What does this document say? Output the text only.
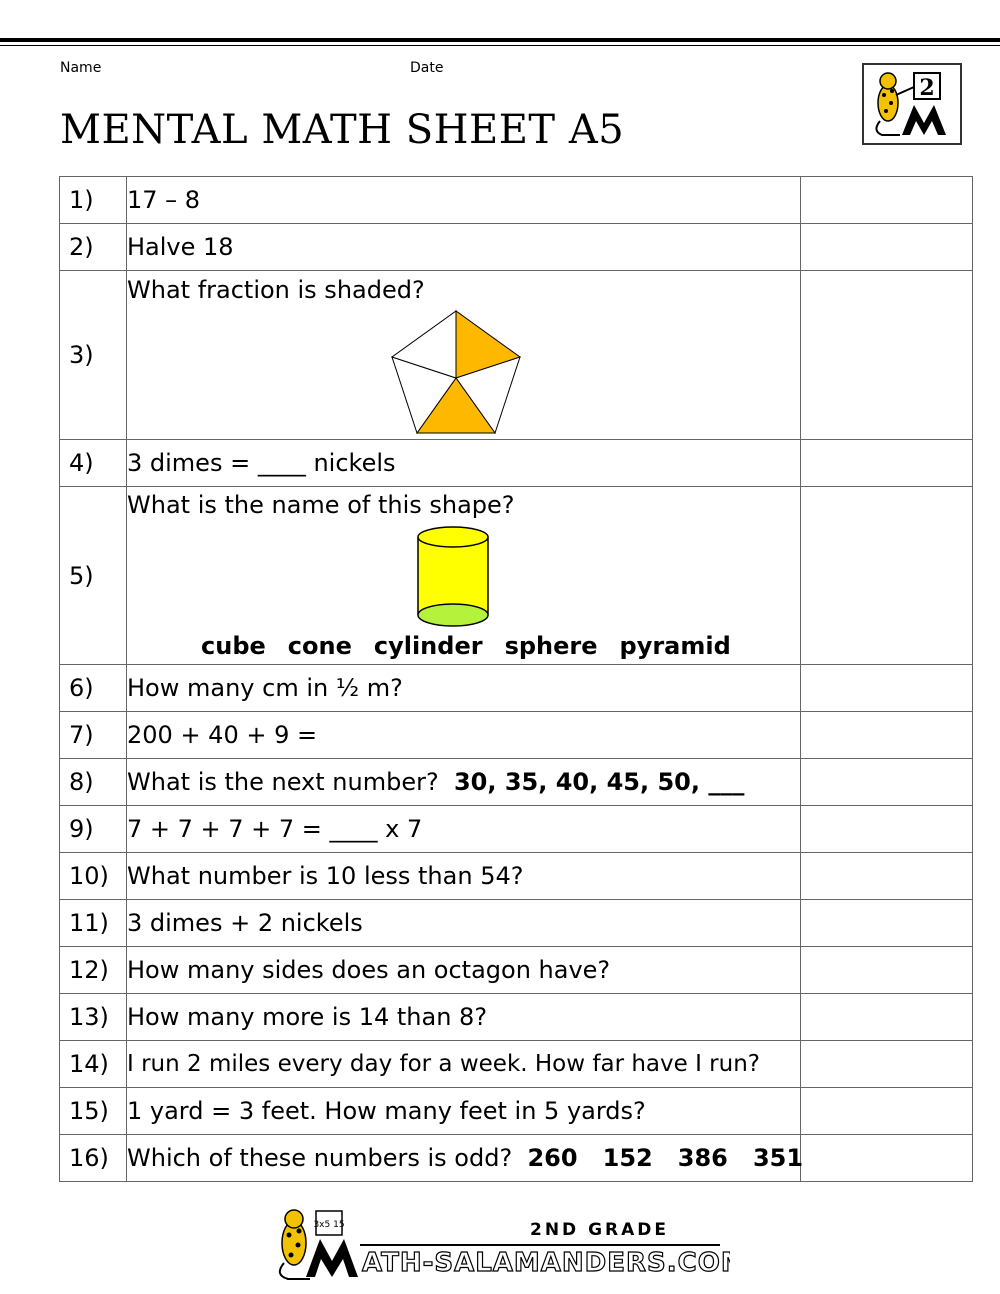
Name	Date
MENTAL MATH SHEET A5
2
1)	17 – 8	
2)	Halve 18	
3)	What fraction is shaded?	

4)	3 dimes = ____ nickels	
5)	What is the name of this shape?
cube cone cylinder sphere pyramid	

6)	How many cm in ½ m?	
7)	200 + 40 + 9 =	
8)	What is the next number? 30, 35, 40, 45, 50, ___	
9)	7 + 7 + 7 + 7 = ____ x 7	
10)	What number is 10 less than 54?	
11)	3 dimes + 2 nickels	
12)	How many sides does an octagon have?	
13)	How many more is 14 than 8?	
14)	I run 2 miles every day for a week. How far have I run?	
15)	1 yard = 3 feet. How many feet in 5 yards?	
16)	Which of these numbers is odd? 260   152   386   351	
3x5 15	2ND GRADE
ATH-SALAMANDERS.COM
